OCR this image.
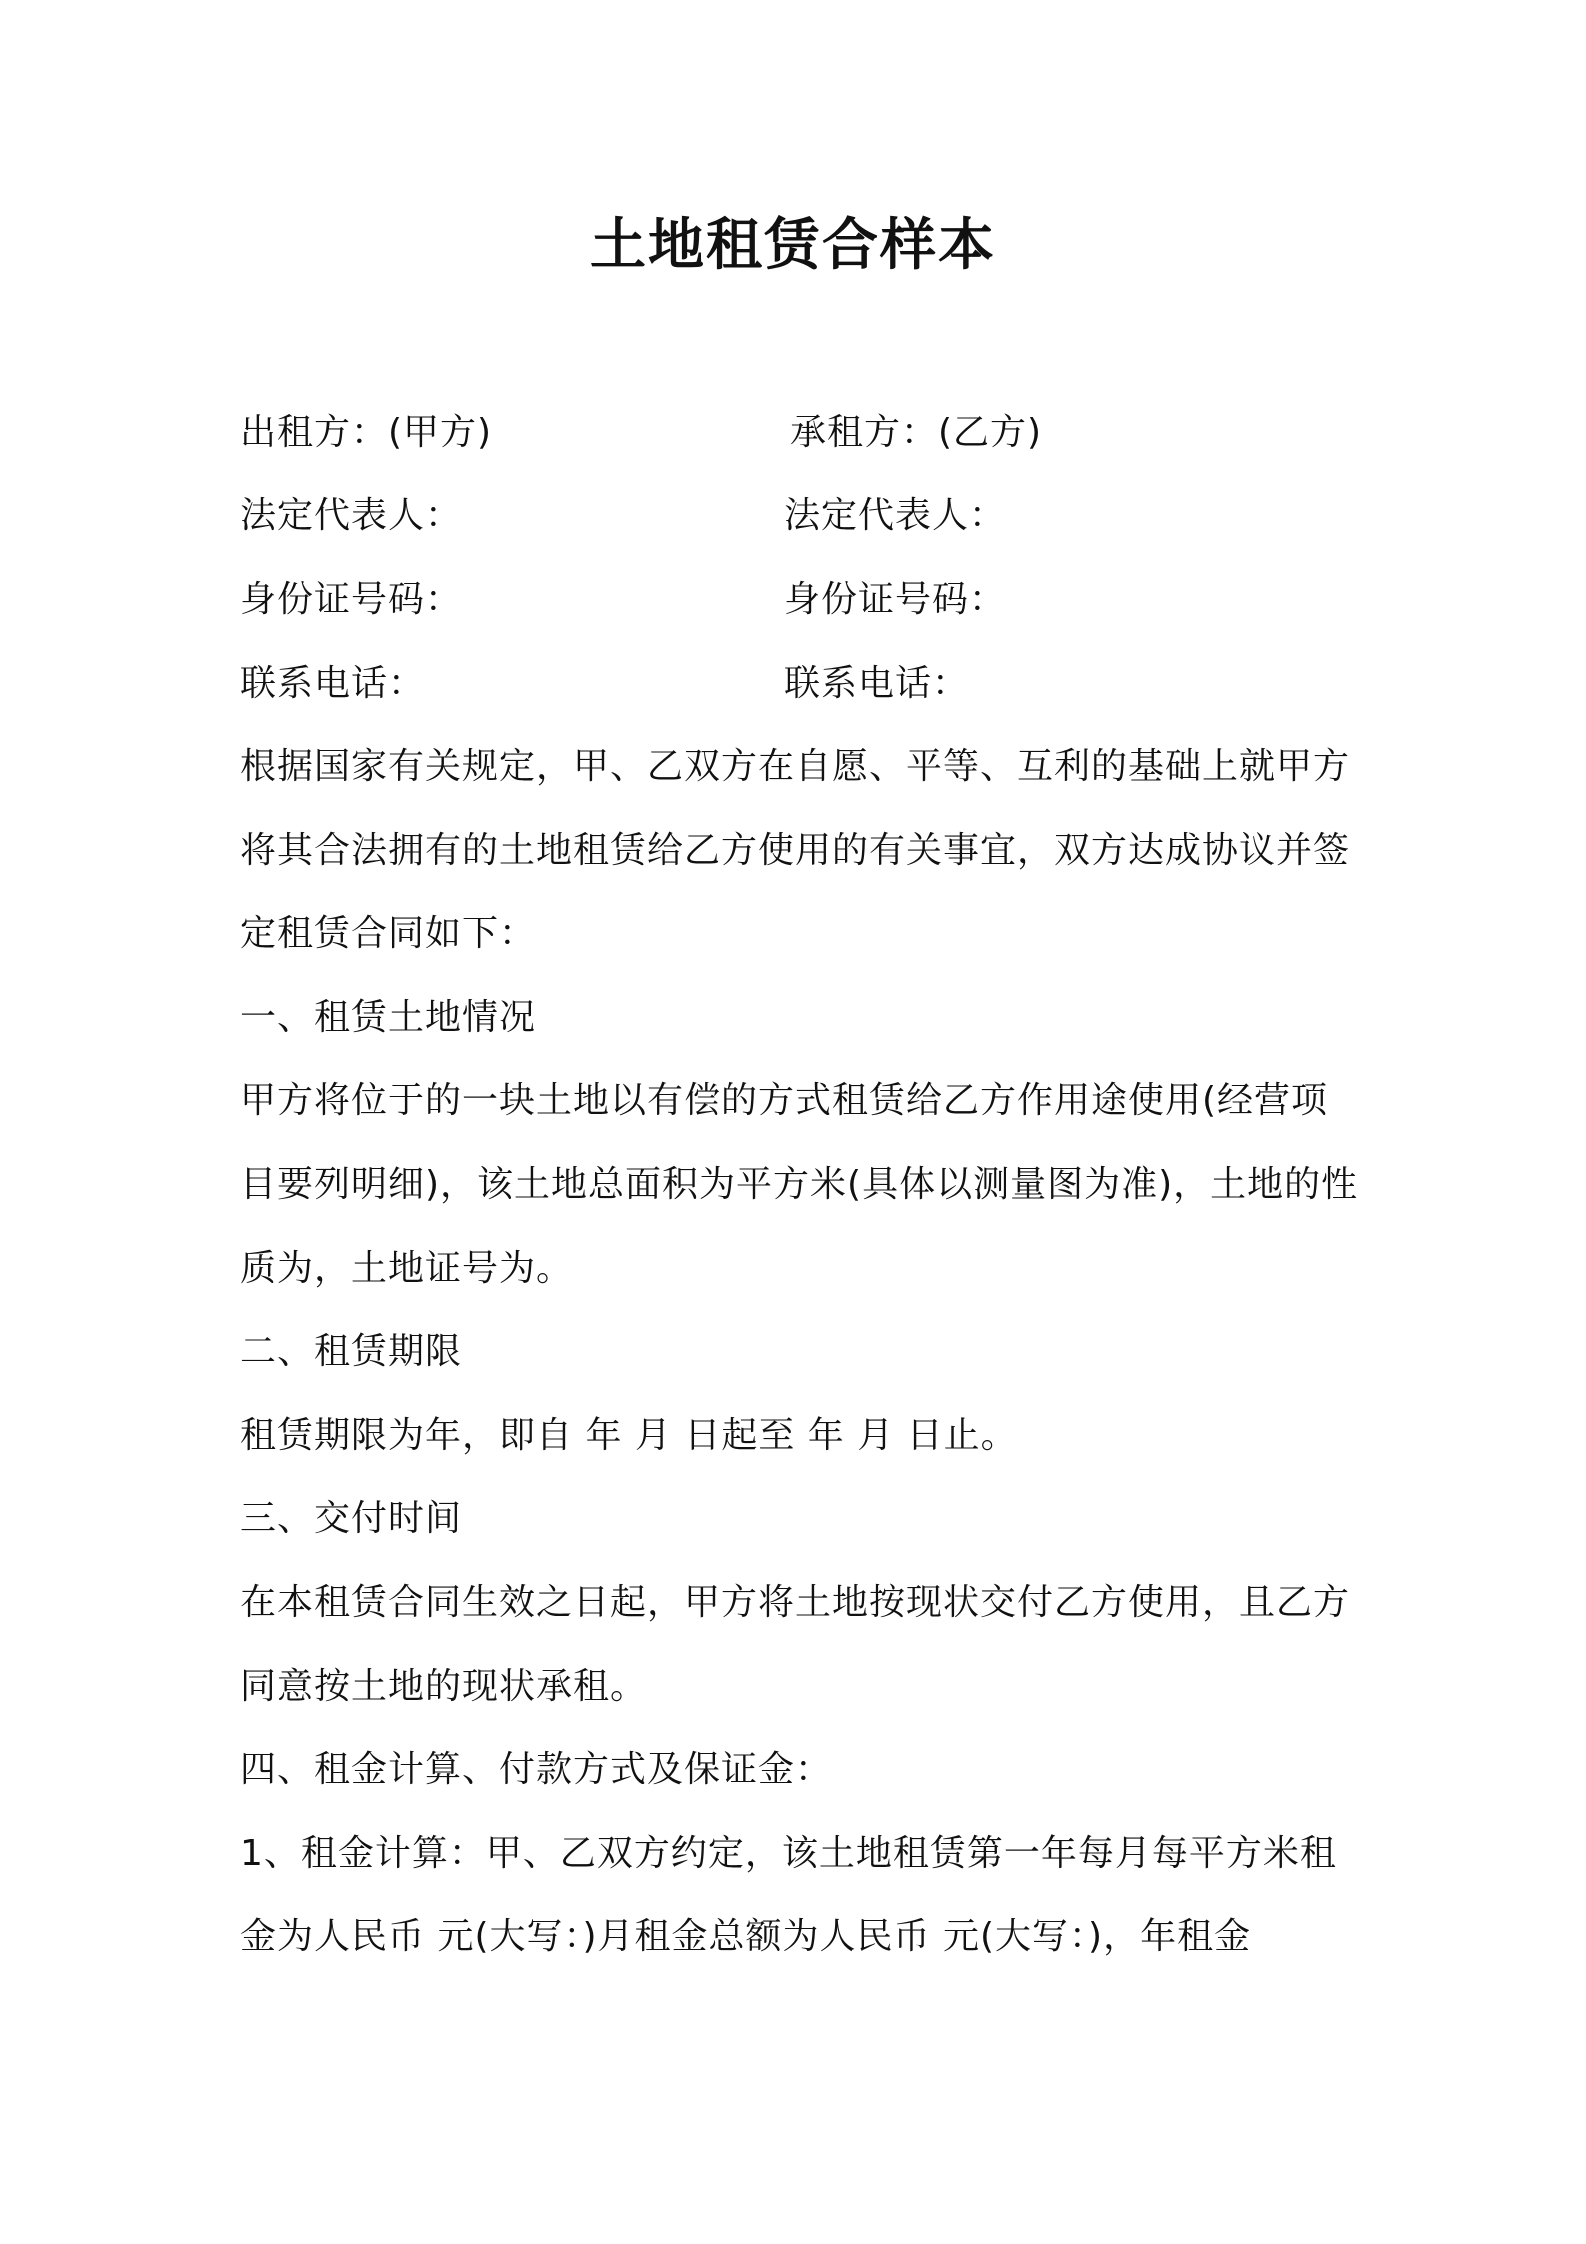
土地租赁合样本
出租方：(甲方)	承租方：(乙方)
法定代表人：	法定代表人：
身份证号码：	身份证号码：
联系电话：	联系电话：
根据国家有关规定，甲、乙双方在自愿、平等、互利的基础上就甲方
将其合法拥有的土地租赁给乙方使用的有关事宜，双方达成协议并签
定租赁合同如下：
一、租赁土地情况
甲方将位于的一块土地以有偿的方式租赁给乙方作用途使用(经营项
目要列明细)，该土地总面积为平方米(具体以测量图为准)，土地的性
质为，土地证号为。
二、租赁期限
租赁期限为年，即自 年 月 日起至 年 月 日止。
三、交付时间
在本租赁合同生效之日起，甲方将土地按现状交付乙方使用，且乙方
同意按土地的现状承租。
四、租金计算、付款方式及保证金：
1、租金计算：甲、乙双方约定，该土地租赁第一年每月每平方米租
金为人民币 元(大写：)月租金总额为人民币 元(大写：)，年租金
